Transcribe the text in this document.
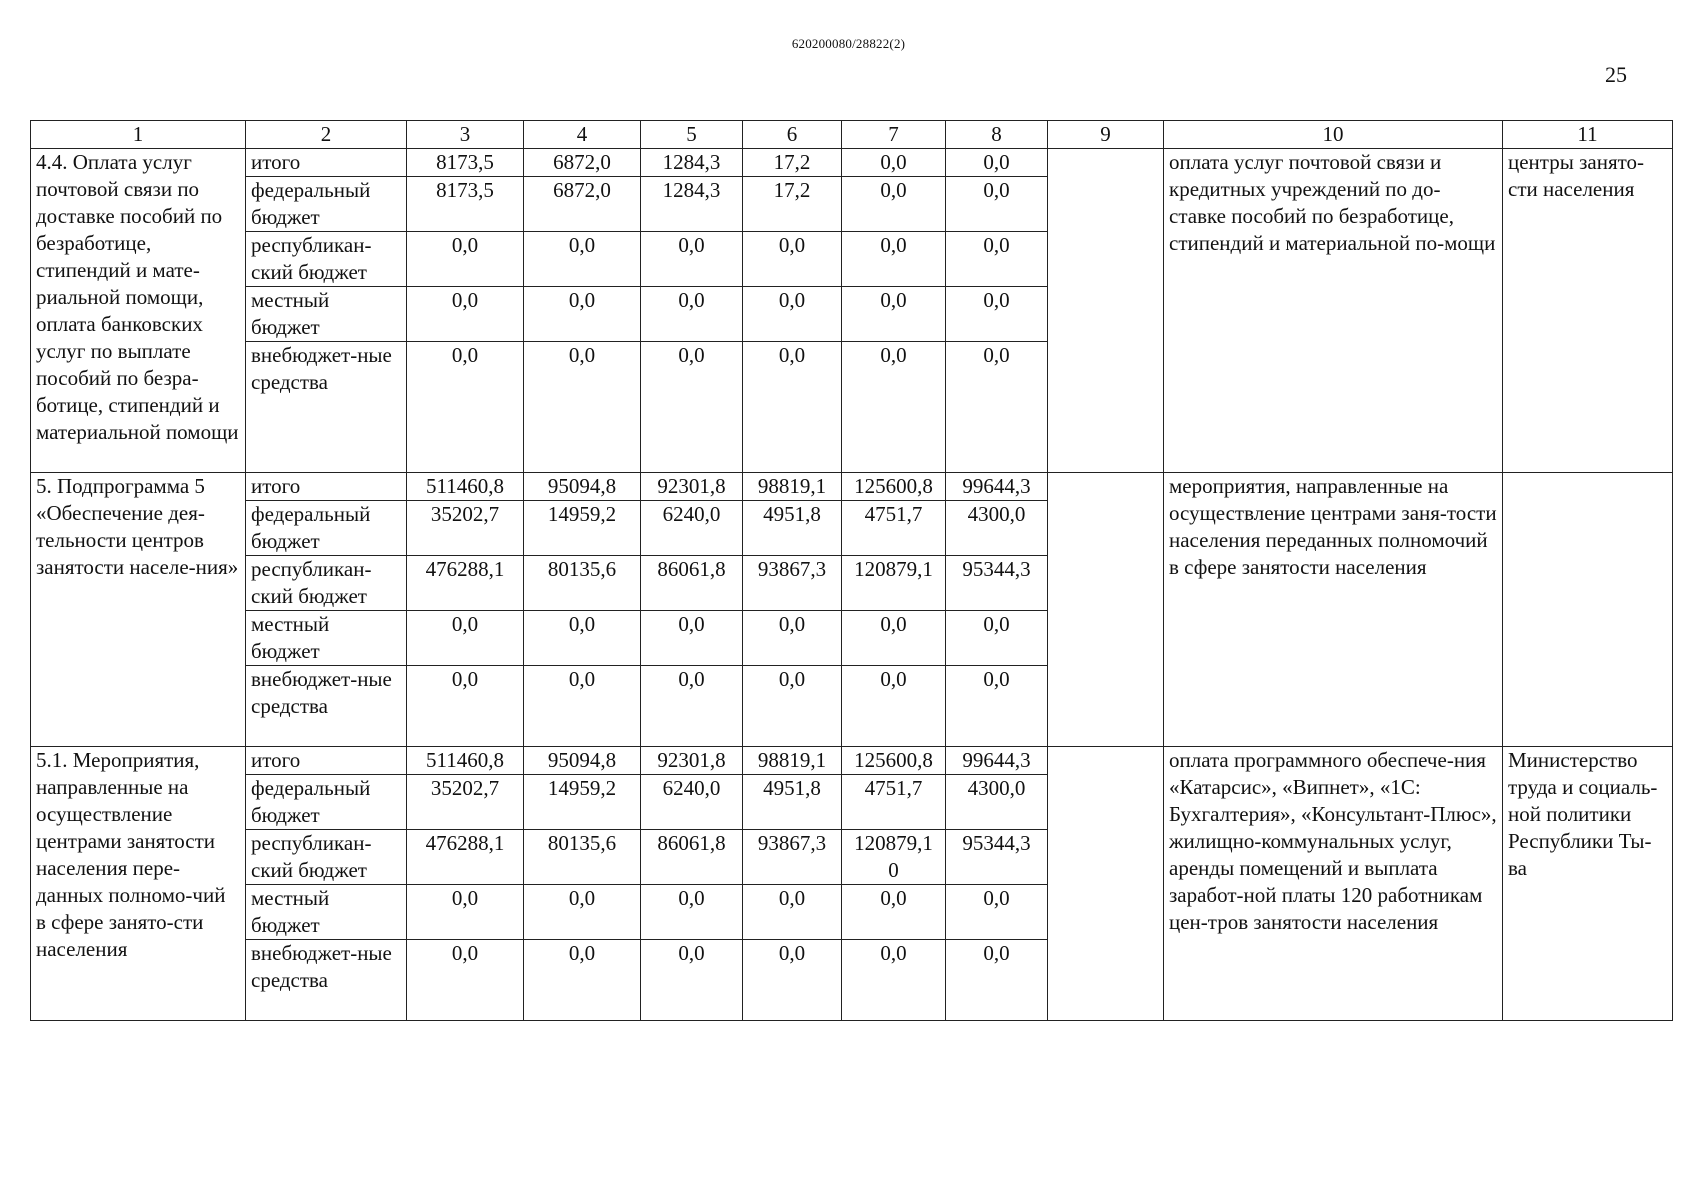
620200080/28822(2)
25
1	2	3	4	5	6	7	8	9	10	11
4.4. Оплата услуг почтовой связи по доставке пособий по безработице, стипендий и мате-риальной помощи, оплата банковских услуг по выплате пособий по безра-ботице, стипендий и материальной помощи	итого	8173,5	6872,0	1284,3	17,2	0,0	0,0		оплата услуг почтовой связи и кредитных учреждений по до-ставке пособий по безработице, стипендий и материальной по-мощи	центры занято-сти населения
	федеральный бюджет	8173,5	6872,0	1284,3	17,2	0,0	0,0			
	республикан-ский бюджет	0,0	0,0	0,0	0,0	0,0	0,0			
	местный бюджет	0,0	0,0	0,0	0,0	0,0	0,0			
	внебюджет-ные средства	0,0	0,0	0,0	0,0	0,0	0,0			
5. Подпрограмма 5 «Обеспечение дея-тельности центров занятости населе-ния»	итого	511460,8	95094,8	92301,8	98819,1	125600,8	99644,3		мероприятия, направленные на осуществление центрами заня-тости населения переданных полномочий в сфере занятости населения	
	федеральный бюджет	35202,7	14959,2	6240,0	4951,8	4751,7	4300,0			
	республикан-ский бюджет	476288,1	80135,6	86061,8	93867,3	120879,1	95344,3			
	местный бюджет	0,0	0,0	0,0	0,0	0,0	0,0			
	внебюджет-ные средства	0,0	0,0	0,0	0,0	0,0	0,0			
5.1. Мероприятия, направленные на осуществление центрами занятости населения пере-данных полномо-чий в сфере занято-сти населения	итого	511460,8	95094,8	92301,8	98819,1	125600,8	99644,3		оплата программного обеспече-ния «Катарсис», «Випнет», «1С: Бухгалтерия», «Консультант-Плюс», жилищно-коммунальных услуг, аренды помещений и выплата заработ-ной платы 120 работникам цен-тров занятости населения	Министерство труда и социаль-ной политики Республики Ты-ва
	федеральный бюджет	35202,7	14959,2	6240,0	4951,8	4751,7	4300,0			
	республикан-ский бюджет	476288,1	80135,6	86061,8	93867,3	120879,1 0	95344,3			
	местный бюджет	0,0	0,0	0,0	0,0	0,0	0,0			
	внебюджет-ные средства	0,0	0,0	0,0	0,0	0,0	0,0			
